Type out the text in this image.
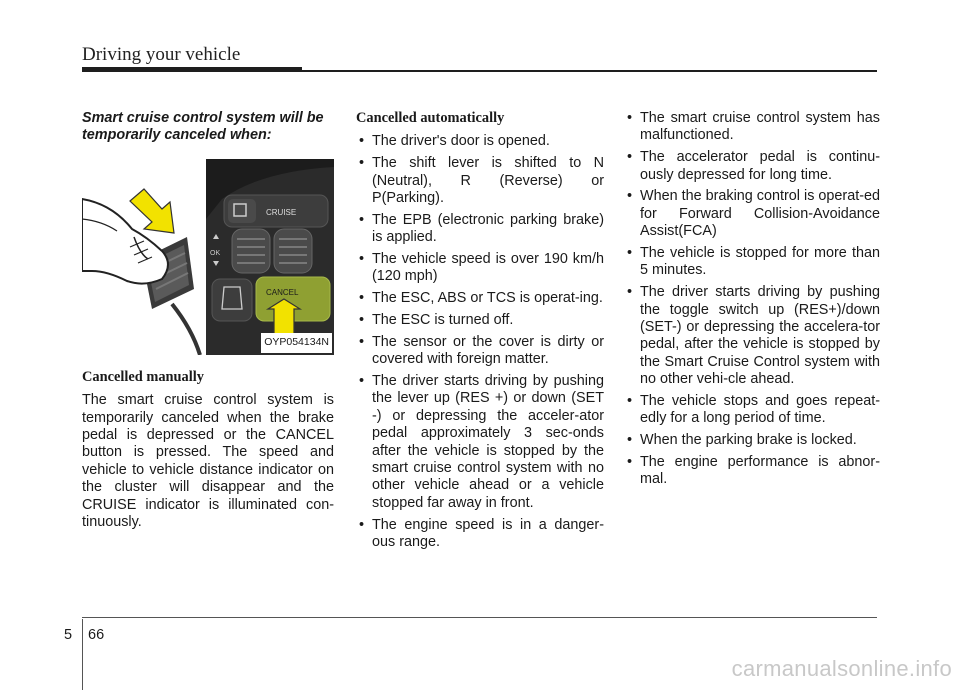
Driving your vehicle

Smart cruise control system will be temporarily canceled when:

CRUISE
OK
CANCEL
OYP054134N
Cancelled manually

The smart cruise control system is temporarily canceled when the brake pedal is depressed or the CANCEL button is pressed. The speed and vehicle to vehicle distance indicator on the cluster will disappear and the CRUISE indicator is illuminated con-tinuously.

Cancelled automatically
• The driver's door is opened.
• The shift lever is shifted to N (Neutral), R (Reverse) or P(Parking).
• The EPB (electronic parking brake) is applied.
• The vehicle speed is over 190 km/h (120 mph)
• The ESC, ABS or TCS is operat-ing.
• The ESC is turned off.
• The sensor or the cover is dirty or covered with foreign matter.
• The driver starts driving by pushing the lever up (RES +) or down (SET -) or depressing the acceler-ator pedal approximately 3 sec-onds after the vehicle is stopped by the smart cruise control system with no other vehicle ahead or a vehicle stopped far away in front.
• The engine speed is in a danger-ous range.
• The smart cruise control system has malfunctioned.
• The accelerator pedal is continu-ously depressed for long time.
• When the braking control is operat-ed for Forward Collision-Avoidance Assist(FCA)
• The vehicle is stopped for more than 5 minutes.
• The driver starts driving by pushing the toggle switch up (RES+)/down (SET-) or depressing the accelera-tor pedal, after the vehicle is stopped by the Smart Cruise Control system with no other vehi-cle ahead.
• The vehicle stops and goes repeat-edly for a long period of time.
• When the parking brake is locked.
• The engine performance is abnor-mal.
5 66
carmanualsonline.info
